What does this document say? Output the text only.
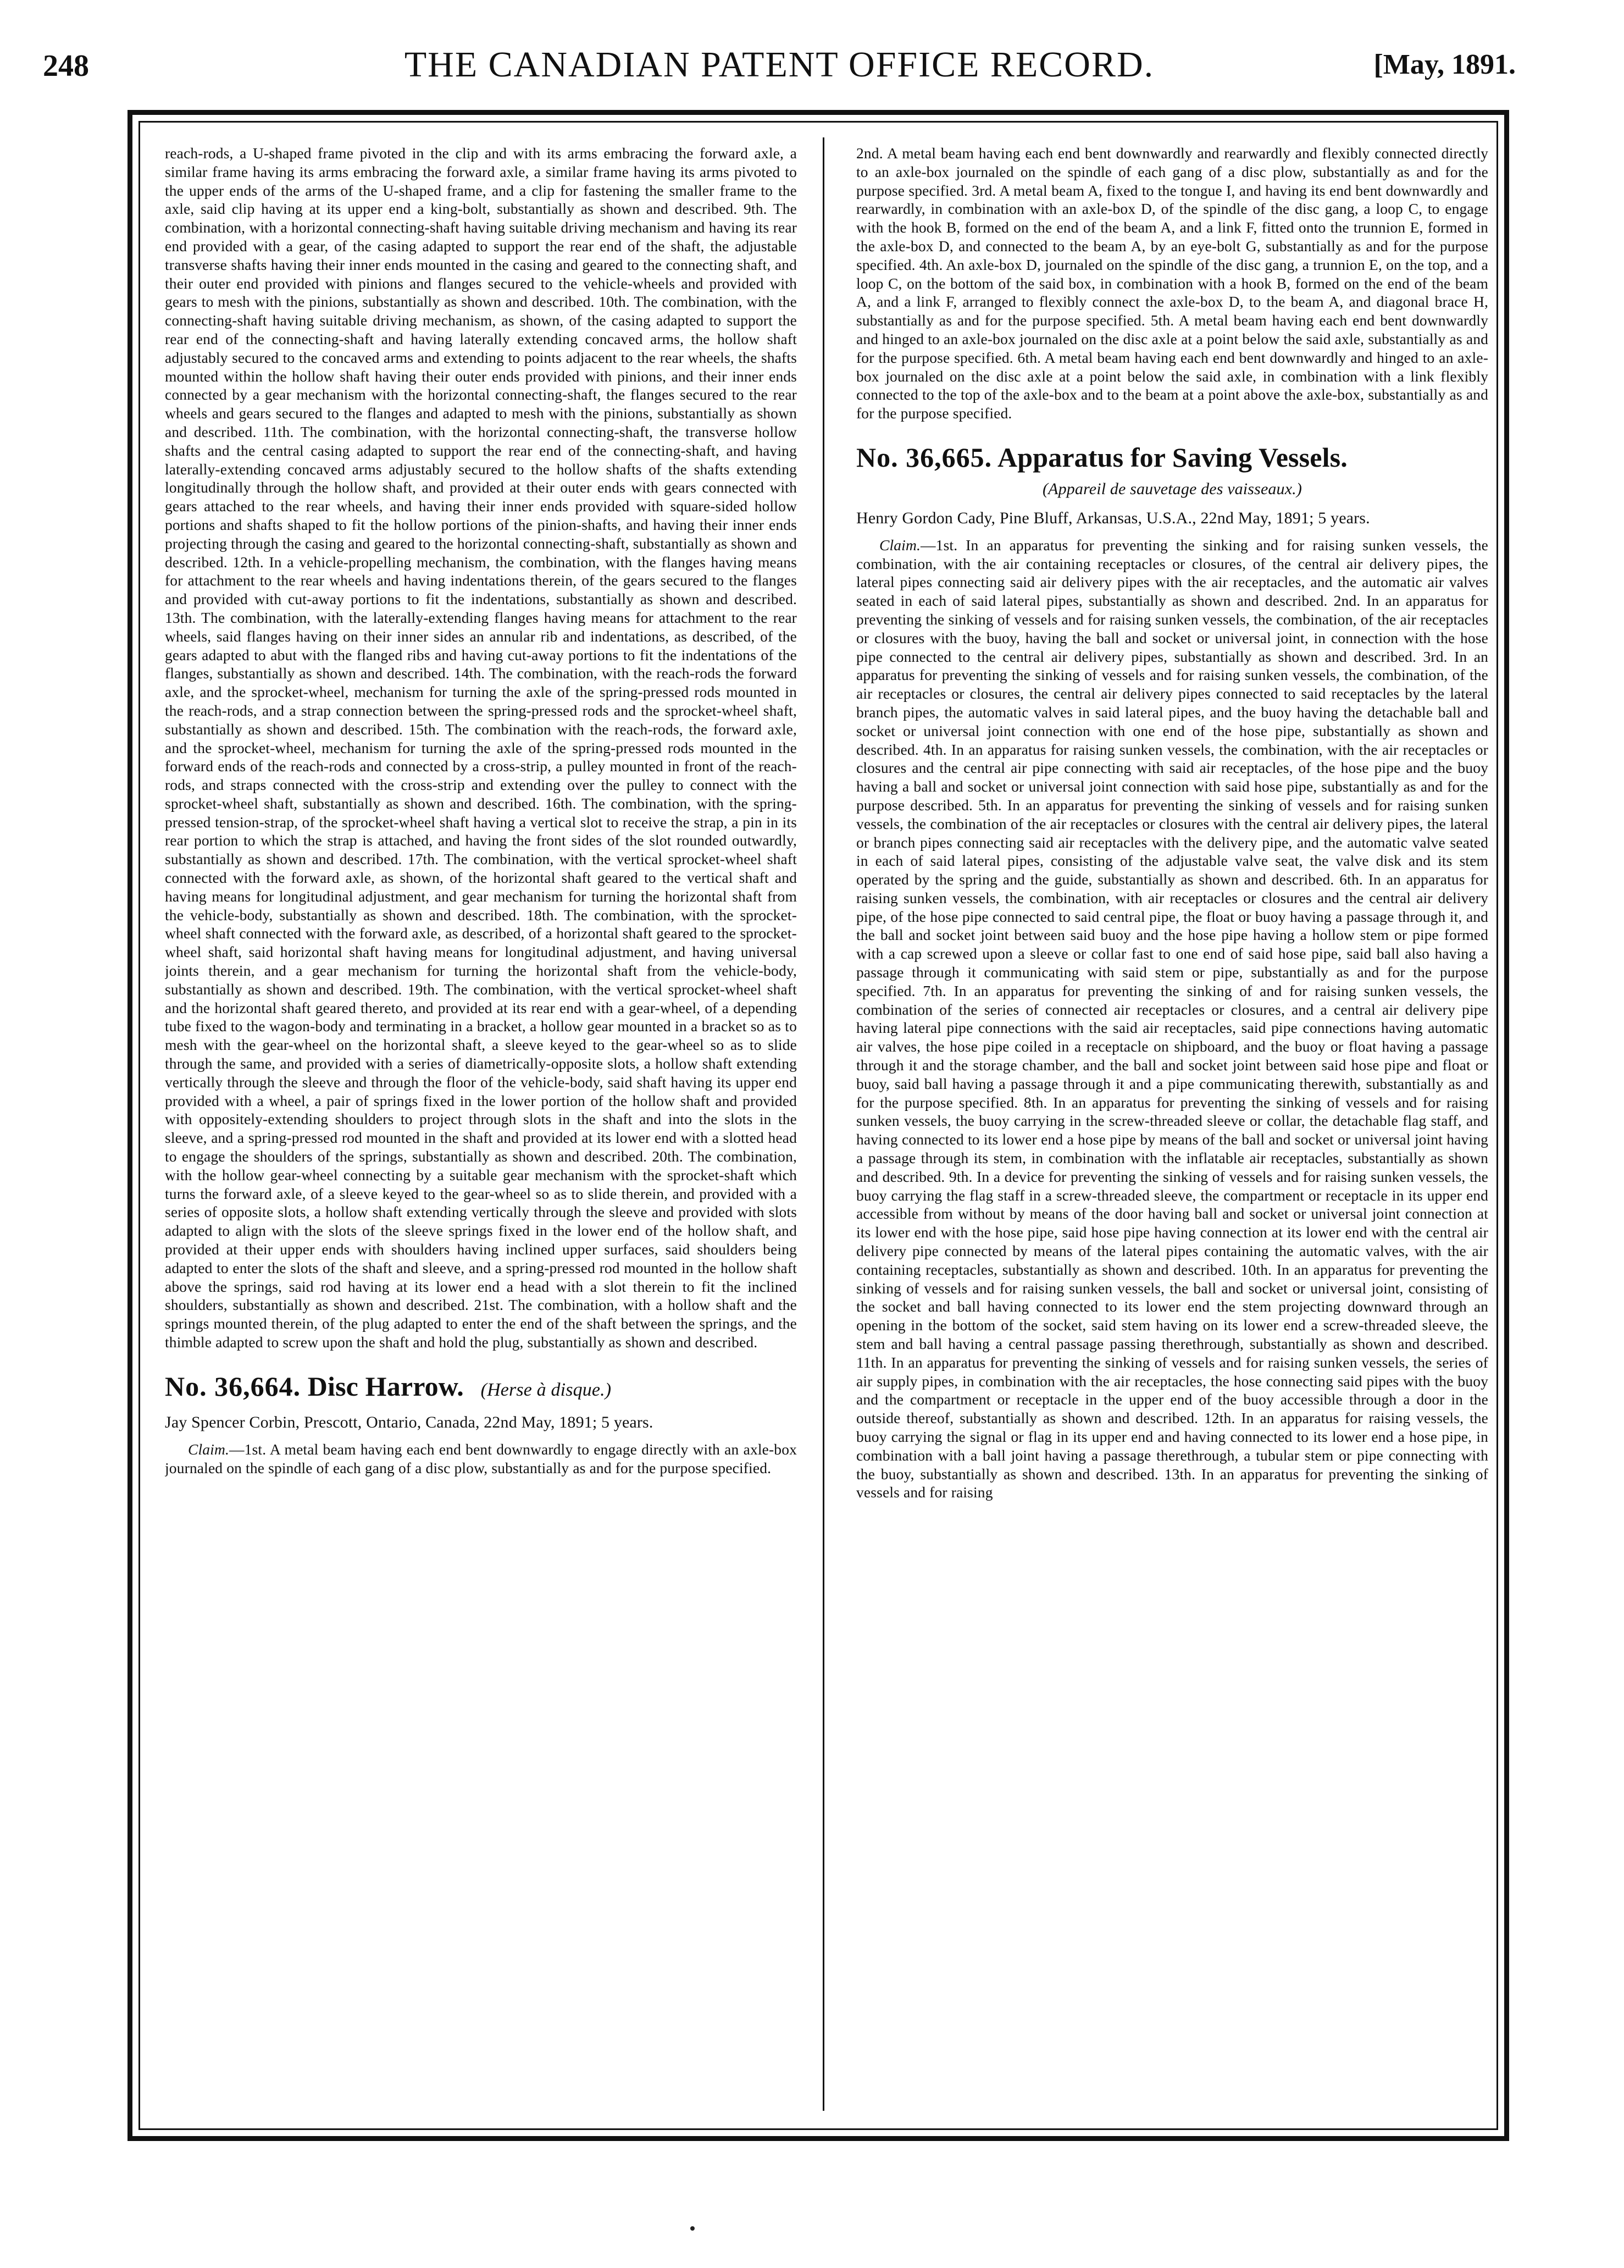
248	THE CANADIAN PATENT OFFICE RECORD.	[May, 1891.

reach-rods, a U-shaped frame pivoted in the clip and with its arms embracing the forward axle, a similar frame having its arms embracing the forward axle, a similar frame having its arms pivoted to the upper ends of the arms of the U-shaped frame, and a clip for fastening the smaller frame to the axle, said clip having at its upper end a king-bolt, substantially as shown and described. 9th. The combination, with a horizontal connecting-shaft having suitable driving mechanism and having its rear end provided with a gear, of the casing adapted to support the rear end of the shaft, the adjustable transverse shafts having their inner ends mounted in the casing and geared to the connecting shaft, and their outer end provided with pinions and flanges secured to the vehicle-wheels and provided with gears to mesh with the pinions, substantially as shown and described. 10th. The combination, with the connecting-shaft having suitable driving mechanism, as shown, of the casing adapted to support the rear end of the connecting-shaft and having laterally extending concaved arms, the hollow shaft adjustably secured to the concaved arms and extending to points adjacent to the rear wheels, the shafts mounted within the hollow shaft having their outer ends provided with pinions, and their inner ends connected by a gear mechanism with the horizontal connecting-shaft, the flanges secured to the rear wheels and gears secured to the flanges and adapted to mesh with the pinions, substantially as shown and described. 11th. The combination, with the horizontal connecting-shaft, the transverse hollow shafts and the central casing adapted to support the rear end of the connecting-shaft, and having laterally-extending concaved arms adjustably secured to the hollow shafts of the shafts extending longitudinally through the hollow shaft, and provided at their outer ends with gears connected with gears attached to the rear wheels, and having their inner ends provided with square-sided hollow portions and shafts shaped to fit the hollow portions of the pinion-shafts, and having their inner ends projecting through the casing and geared to the horizontal connecting-shaft, substantially as shown and described. 12th. In a vehicle-propelling mechanism, the combination, with the flanges having means for attachment to the rear wheels and having indentations therein, of the gears secured to the flanges and provided with cut-away portions to fit the indentations, substantially as shown and described. 13th. The combination, with the laterally-extending flanges having means for attachment to the rear wheels, said flanges having on their inner sides an annular rib and indentations, as described, of the gears adapted to abut with the flanged ribs and having cut-away portions to fit the indentations of the flanges, substantially as shown and described. 14th. The combination, with the reach-rods the forward axle, and the sprocket-wheel, mechanism for turning the axle of the spring-pressed rods mounted in the reach-rods, and a strap connection between the spring-pressed rods and the sprocket-wheel shaft, substantially as shown and described. 15th. The combination with the reach-rods, the forward axle, and the sprocket-wheel, mechanism for turning the axle of the spring-pressed rods mounted in the forward ends of the reach-rods and connected by a cross-strip, a pulley mounted in front of the reach-rods, and straps connected with the cross-strip and extending over the pulley to connect with the sprocket-wheel shaft, substantially as shown and described. 16th. The combination, with the spring-pressed tension-strap, of the sprocket-wheel shaft having a vertical slot to receive the strap, a pin in its rear portion to which the strap is attached, and having the front sides of the slot rounded outwardly, substantially as shown and described. 17th. The combination, with the vertical sprocket-wheel shaft connected with the forward axle, as shown, of the horizontal shaft geared to the vertical shaft and having means for longitudinal adjustment, and gear mechanism for turning the horizontal shaft from the vehicle-body, substantially as shown and described. 18th. The combination, with the sprocket-wheel shaft connected with the forward axle, as described, of a horizontal shaft geared to the sprocket-wheel shaft, said horizontal shaft having means for longitudinal adjustment, and having universal joints therein, and a gear mechanism for turning the horizontal shaft from the vehicle-body, substantially as shown and described. 19th. The combination, with the vertical sprocket-wheel shaft and the horizontal shaft geared thereto, and provided at its rear end with a gear-wheel, of a depending tube fixed to the wagon-body and terminating in a bracket, a hollow gear mounted in a bracket so as to mesh with the gear-wheel on the horizontal shaft, a sleeve keyed to the gear-wheel so as to slide through the same, and provided with a series of diametrically-opposite slots, a hollow shaft extending vertically through the sleeve and through the floor of the vehicle-body, said shaft having its upper end provided with a wheel, a pair of springs fixed in the lower portion of the hollow shaft and provided with oppositely-extending shoulders to project through slots in the shaft and into the slots in the sleeve, and a spring-pressed rod mounted in the shaft and provided at its lower end with a slotted head to engage the shoulders of the springs, substantially as shown and described. 20th. The combination, with the hollow gear-wheel connecting by a suitable gear mechanism with the sprocket-shaft which turns the forward axle, of a sleeve keyed to the gear-wheel so as to slide therein, and provided with a series of opposite slots, a hollow shaft extending vertically through the sleeve and provided with slots adapted to align with the slots of the sleeve springs fixed in the lower end of the hollow shaft, and provided at their upper ends with shoulders having inclined upper surfaces, said shoulders being adapted to enter the slots of the shaft and sleeve, and a spring-pressed rod mounted in the hollow shaft above the springs, said rod having at its lower end a head with a slot therein to fit the inclined shoulders, substantially as shown and described. 21st. The combination, with a hollow shaft and the springs mounted therein, of the plug adapted to enter the end of the shaft between the springs, and the thimble adapted to screw upon the shaft and hold the plug, substantially as shown and described.

No. 36,664. Disc Harrow. (Herse à disque.)

Jay Spencer Corbin, Prescott, Ontario, Canada, 22nd May, 1891; 5 years.

Claim.—1st. A metal beam having each end bent downwardly to engage directly with an axle-box journaled on the spindle of each gang of a disc plow, substantially as and for the purpose specified.

2nd. A metal beam having each end bent downwardly and rearwardly and flexibly connected directly to an axle-box journaled on the spindle of each gang of a disc plow, substantially as and for the purpose specified. 3rd. A metal beam A, fixed to the tongue I, and having its end bent downwardly and rearwardly, in combination with an axle-box D, of the spindle of the disc gang, a loop C, to engage with the hook B, formed on the end of the beam A, and a link F, fitted onto the trunnion E, formed in the axle-box D, and connected to the beam A, by an eye-bolt G, substantially as and for the purpose specified. 4th. An axle-box D, journaled on the spindle of the disc gang, a trunnion E, on the top, and a loop C, on the bottom of the said box, in combination with a hook B, formed on the end of the beam A, and a link F, arranged to flexibly connect the axle-box D, to the beam A, and diagonal brace H, substantially as and for the purpose specified. 5th. A metal beam having each end bent downwardly and hinged to an axle-box journaled on the disc axle at a point below the said axle, substantially as and for the purpose specified. 6th. A metal beam having each end bent downwardly and hinged to an axle-box journaled on the disc axle at a point below the said axle, in combination with a link flexibly connected to the top of the axle-box and to the beam at a point above the axle-box, substantially as and for the purpose specified.

No. 36,665. Apparatus for Saving Vessels.

(Appareil de sauvetage des vaisseaux.)

Henry Gordon Cady, Pine Bluff, Arkansas, U.S.A., 22nd May, 1891; 5 years.

Claim.—1st. In an apparatus for preventing the sinking and for raising sunken vessels, the combination, with the air containing receptacles or closures, of the central air delivery pipes, the lateral pipes connecting said air delivery pipes with the air receptacles, and the automatic air valves seated in each of said lateral pipes, substantially as shown and described. 2nd. In an apparatus for preventing the sinking of vessels and for raising sunken vessels, the combination, of the air receptacles or closures with the buoy, having the ball and socket or universal joint, in connection with the hose pipe connected to the central air delivery pipes, substantially as shown and described. 3rd. In an apparatus for preventing the sinking of vessels and for raising sunken vessels, the combination, of the air receptacles or closures, the central air delivery pipes connected to said receptacles by the lateral branch pipes, the automatic valves in said lateral pipes, and the buoy having the detachable ball and socket or universal joint connection with one end of the hose pipe, substantially as shown and described. 4th. In an apparatus for raising sunken vessels, the combination, with the air receptacles or closures and the central air pipe connecting with said air receptacles, of the hose pipe and the buoy having a ball and socket or universal joint connection with said hose pipe, substantially as and for the purpose described. 5th. In an apparatus for preventing the sinking of vessels and for raising sunken vessels, the combination of the air receptacles or closures with the central air delivery pipes, the lateral or branch pipes connecting said air receptacles with the delivery pipe, and the automatic valve seated in each of said lateral pipes, consisting of the adjustable valve seat, the valve disk and its stem operated by the spring and the guide, substantially as shown and described. 6th. In an apparatus for raising sunken vessels, the combination, with air receptacles or closures and the central air delivery pipe, of the hose pipe connected to said central pipe, the float or buoy having a passage through it, and the ball and socket joint between said buoy and the hose pipe having a hollow stem or pipe formed with a cap screwed upon a sleeve or collar fast to one end of said hose pipe, said ball also having a passage through it communicating with said stem or pipe, substantially as and for the purpose specified. 7th. In an apparatus for preventing the sinking of and for raising sunken vessels, the combination of the series of connected air receptacles or closures, and a central air delivery pipe having lateral pipe connections with the said air receptacles, said pipe connections having automatic air valves, the hose pipe coiled in a receptacle on shipboard, and the buoy or float having a passage through it and the storage chamber, and the ball and socket joint between said hose pipe and float or buoy, said ball having a passage through it and a pipe communicating therewith, substantially as and for the purpose specified. 8th. In an apparatus for preventing the sinking of vessels and for raising sunken vessels, the buoy carrying in the screw-threaded sleeve or collar, the detachable flag staff, and having connected to its lower end a hose pipe by means of the ball and socket or universal joint having a passage through its stem, in combination with the inflatable air receptacles, substantially as shown and described. 9th. In a device for preventing the sinking of vessels and for raising sunken vessels, the buoy carrying the flag staff in a screw-threaded sleeve, the compartment or receptacle in its upper end accessible from without by means of the door having ball and socket or universal joint connection at its lower end with the hose pipe, said hose pipe having connection at its lower end with the central air delivery pipe connected by means of the lateral pipes containing the automatic valves, with the air containing receptacles, substantially as shown and described. 10th. In an apparatus for preventing the sinking of vessels and for raising sunken vessels, the ball and socket or universal joint, consisting of the socket and ball having connected to its lower end the stem projecting downward through an opening in the bottom of the socket, said stem having on its lower end a screw-threaded sleeve, the stem and ball having a central passage passing therethrough, substantially as shown and described. 11th. In an apparatus for preventing the sinking of vessels and for raising sunken vessels, the series of air supply pipes, in combination with the air receptacles, the hose connecting said pipes with the buoy and the compartment or receptacle in the upper end of the buoy accessible through a door in the outside thereof, substantially as shown and described. 12th. In an apparatus for raising vessels, the buoy carrying the signal or flag in its upper end and having connected to its lower end a hose pipe, in combination with a ball joint having a passage therethrough, a tubular stem or pipe connecting with the buoy, substantially as shown and described. 13th. In an apparatus for preventing the sinking of vessels and for raising
